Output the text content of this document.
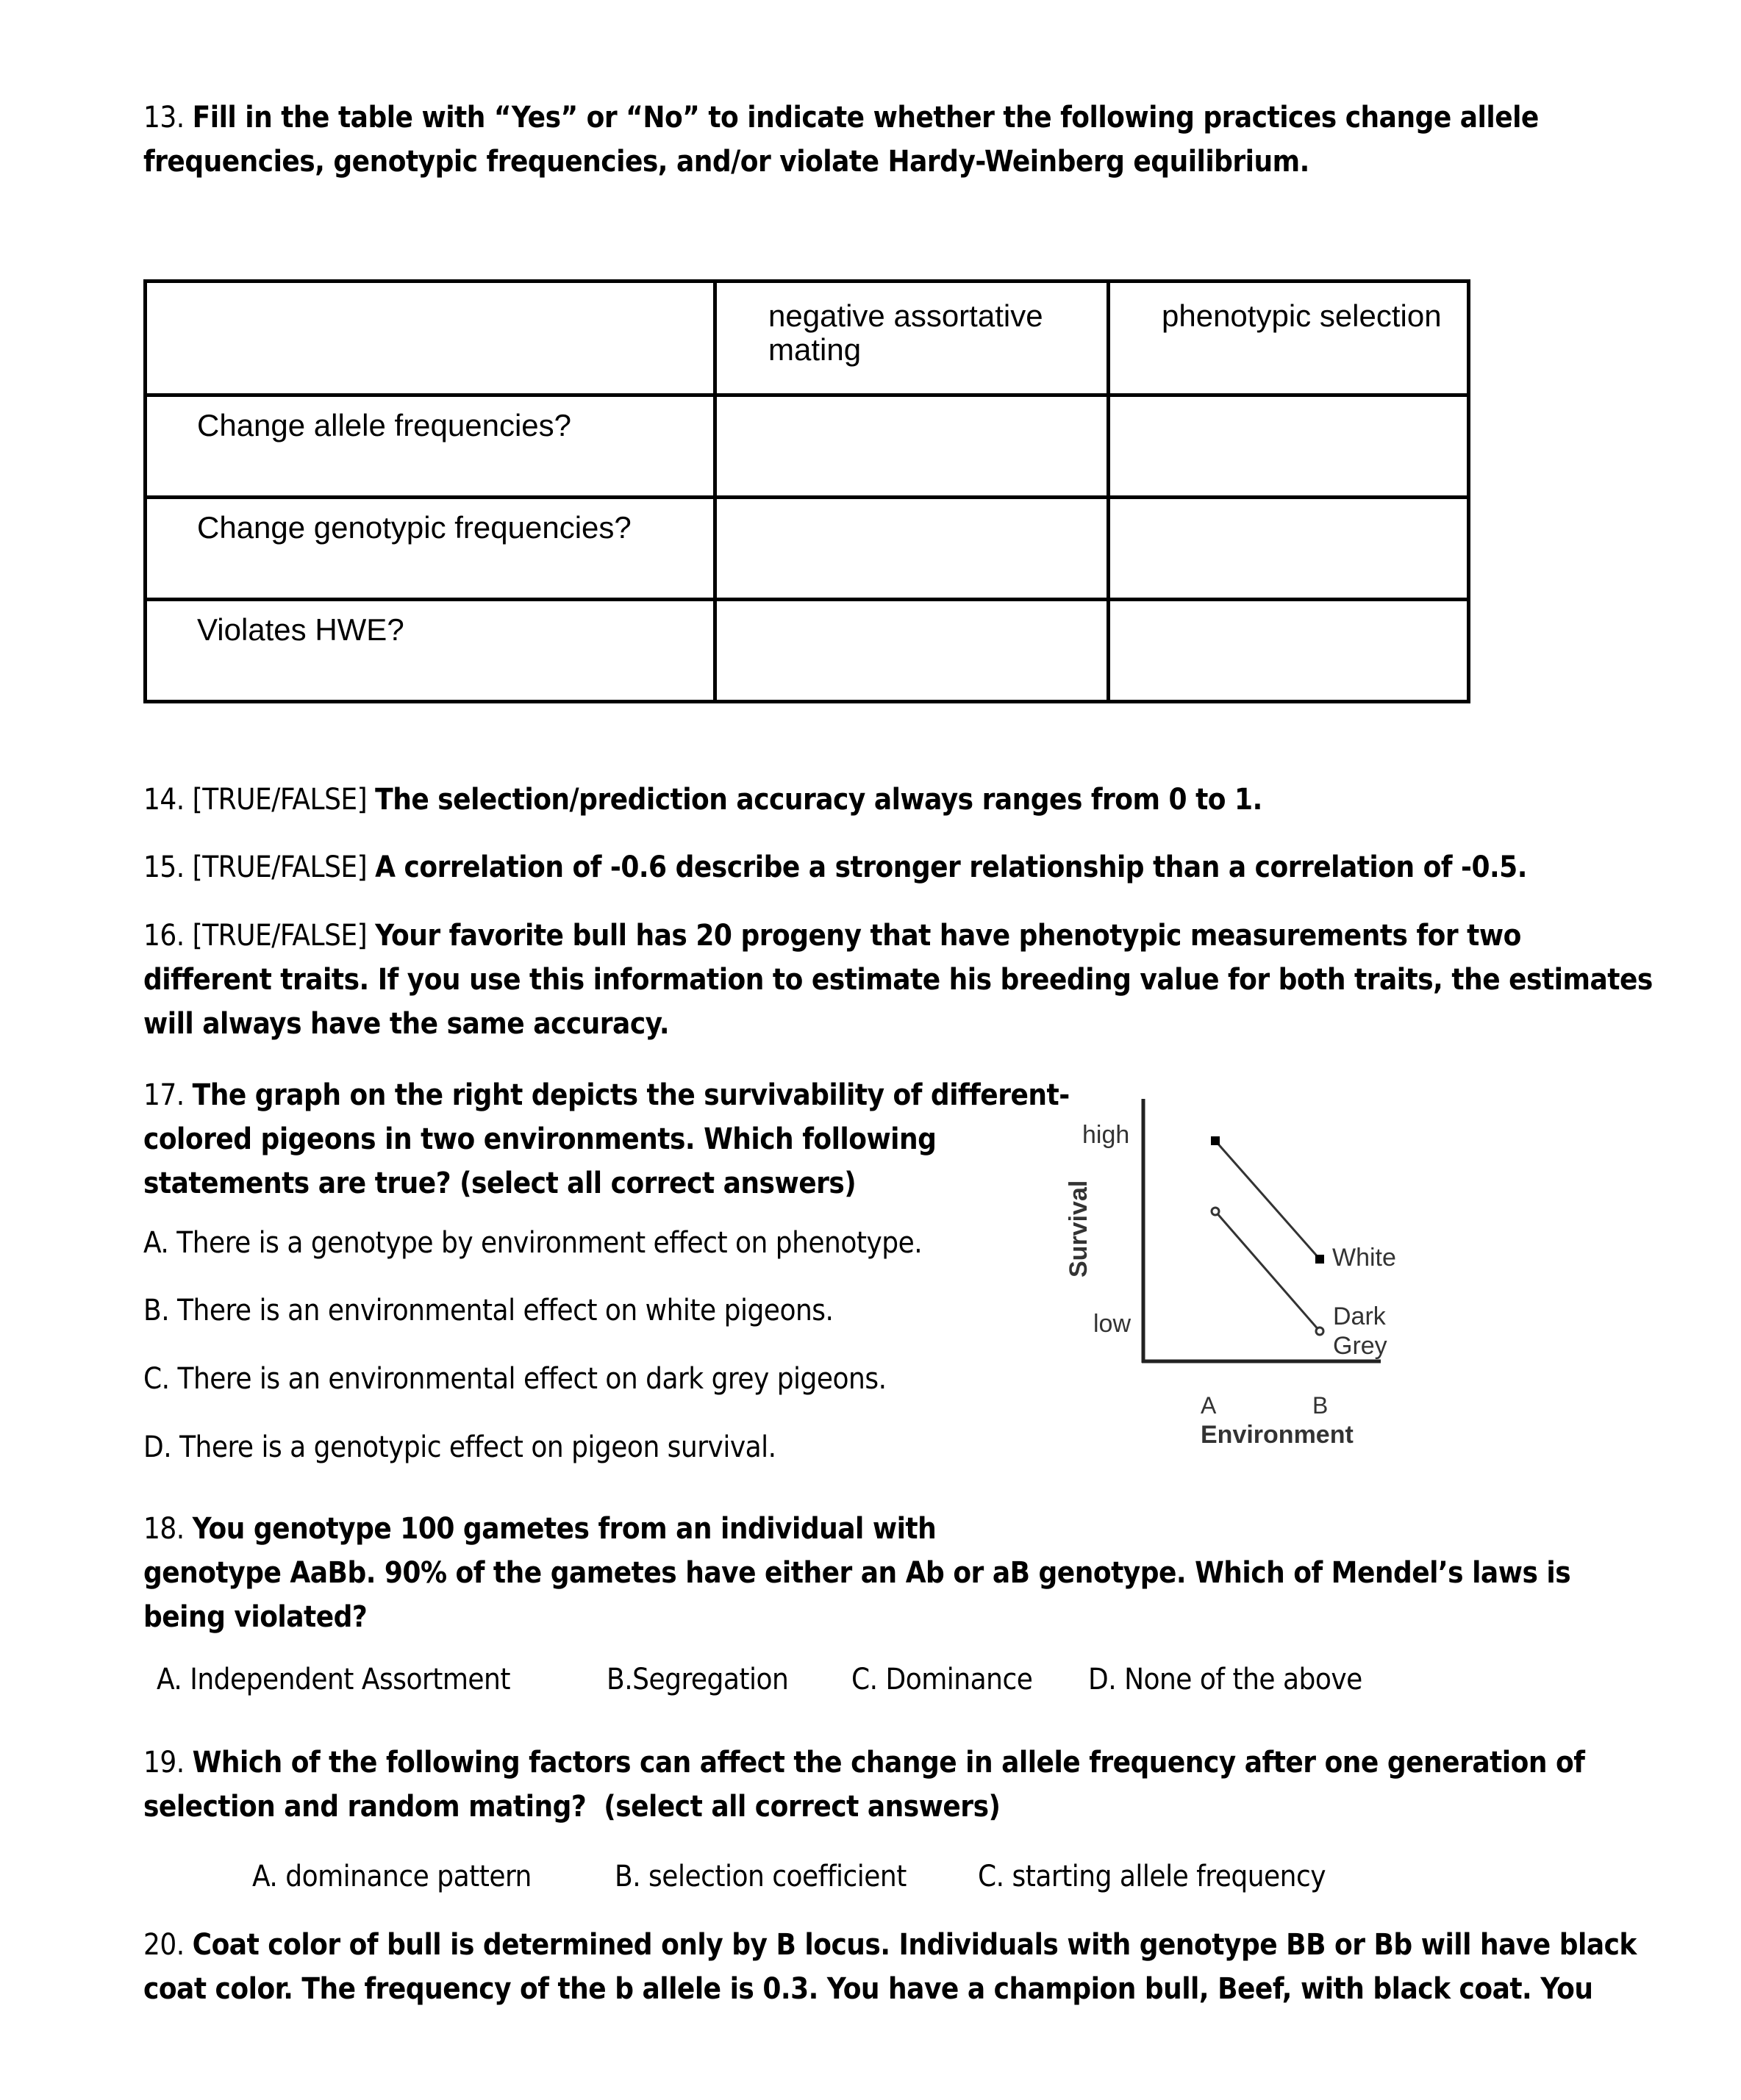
13. Fill in the table with “Yes” or “No” to indicate whether the following practices change allele
frequencies, genotypic frequencies, and/or violate Hardy-Weinberg equilibrium.
	negative assortative
mating	phenotypic selection
Change allele frequencies?		
Change genotypic frequencies?		
Violates HWE?		
14. [TRUE/FALSE] The selection/prediction accuracy always ranges from 0 to 1.
15. [TRUE/FALSE] A correlation of -0.6 describe a stronger relationship than a correlation of -0.5.
16. [TRUE/FALSE] Your favorite bull has 20 progeny that have phenotypic measurements for two
different traits. If you use this information to estimate his breeding value for both traits, the estimates
will always have the same accuracy.
17. The graph on the right depicts the survivability of different-
colored pigeons in two environments. Which following
statements are true? (select all correct answers)
A. There is a genotype by environment effect on phenotype.
B. There is an environmental effect on white pigeons.
C. There is an environmental effect on dark grey pigeons.
D. There is a genotypic effect on pigeon survival.
high
low
Survival	White
Dark
Grey
A	B
Environment
18. You genotype 100 gametes from an individual with
genotype AaBb. 90% of the gametes have either an Ab or aB genotype. Which of Mendel’s laws is
being violated?
A. Independent Assortment	B.Segregation C. Dominance D. None of the above
19. Which of the following factors can affect the change in allele frequency after one generation of
selection and random mating?  (select all correct answers)
A. dominance pattern	B. selection coefficient C. starting allele frequency
20. Coat color of bull is determined only by B locus. Individuals with genotype BB or Bb will have black
coat color. The frequency of the b allele is 0.3. You have a champion bull, Beef, with black coat. You
